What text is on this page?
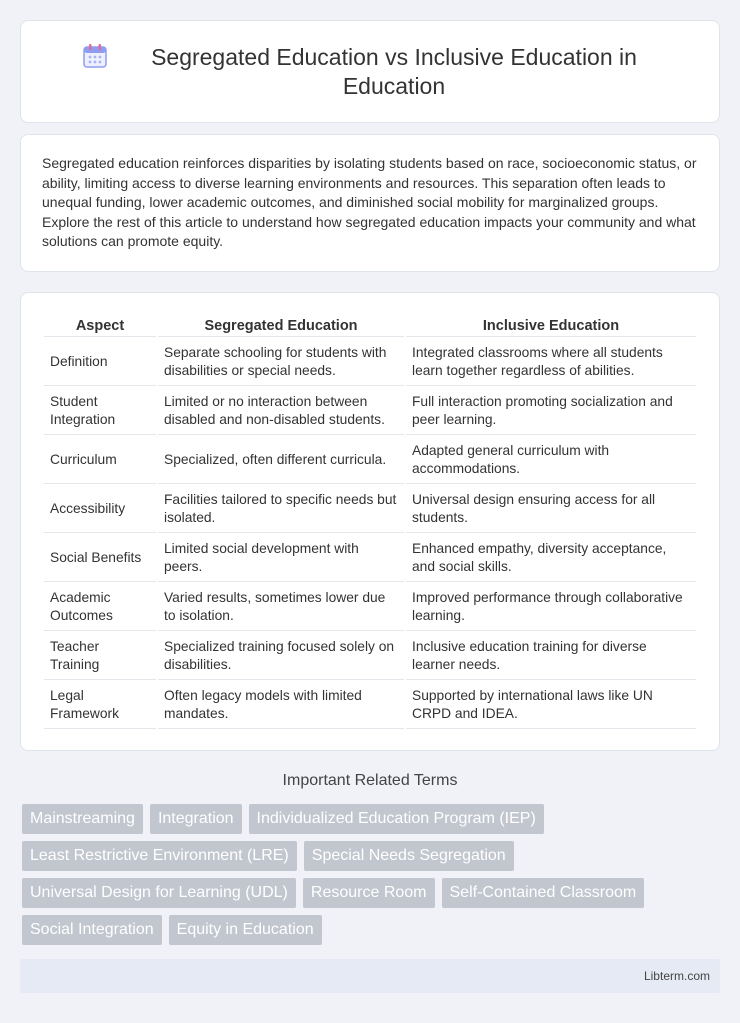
Segregated Education vs Inclusive Education in Education

Segregated education reinforces disparities by isolating students based on race, socioeconomic status, or ability, limiting access to diverse learning environments and resources. This separation often leads to unequal funding, lower academic outcomes, and diminished social mobility for marginalized groups. Explore the rest of this article to understand how segregated education impacts your community and what solutions can promote equity.

Aspect	Segregated Education	Inclusive Education
Definition	Separate schooling for students with disabilities or special needs.	Integrated classrooms where all students learn together regardless of abilities.
Student Integration	Limited or no interaction between disabled and non-disabled students.	Full interaction promoting socialization and peer learning.
Curriculum	Specialized, often different curricula.	Adapted general curriculum with accommodations.
Accessibility	Facilities tailored to specific needs but isolated.	Universal design ensuring access for all students.
Social Benefits	Limited social development with peers.	Enhanced empathy, diversity acceptance, and social skills.
Academic Outcomes	Varied results, sometimes lower due to isolation.	Improved performance through collaborative learning.
Teacher Training	Specialized training focused solely on disabilities.	Inclusive education training for diverse learner needs.
Legal Framework	Often legacy models with limited mandates.	Supported by international laws like UN CRPD and IDEA.
Important Related Terms
Mainstreaming	Integration	Individualized Education Program (IEP)
Least Restrictive Environment (LRE)	Special Needs Segregation
Universal Design for Learning (UDL)	Resource Room	Self-Contained Classroom
Social Integration	Equity in Education
Libterm.com
